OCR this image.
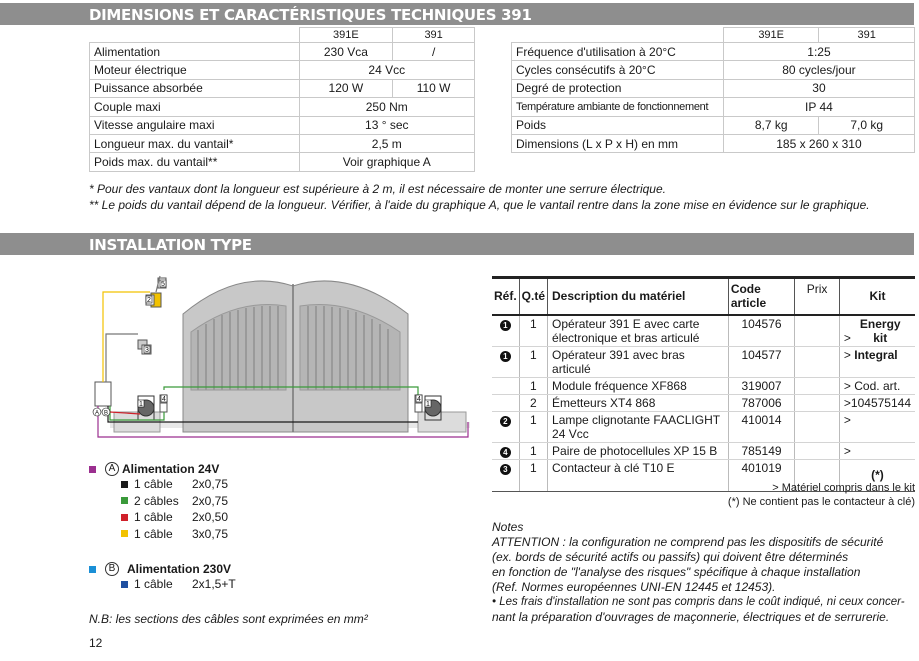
DIMENSIONS ET CARACTÉRISTIQUES TECHNIQUES 391
	391E	391
Alimentation	230 Vca	/
Moteur électrique	24 Vcc	
Puissance absorbée	120 W	110 W
Couple maxi	250 Nm	
Vitesse angulaire maxi	13 ° sec	
Longueur max. du vantail*	2,5 m	
Poids max. du vantail**	Voir graphique A	
	391E	391
Fréquence d'utilisation à 20°C	1:25	
Cycles consécutifs à 20°C	80 cycles/jour	
Degré de protection	30	
Température ambiante de fonctionnement	IP 44	
Poids	8,7 kg	7,0 kg
Dimensions (L x P x H) en mm	185 x 260 x 310	
* Pour des vantaux dont la longueur est supérieure à 2 m, il est nécessaire de monter une serrure électrique.
** Le poids du vantail dépend de la longueur. Vérifier, à l'aide du graphique A, que le vantail rentre dans la zone mise en évidence sur le graphique.
INSTALLATION TYPE
5
2
3
1
4	4
1
A B
A Alimentation 24V
1 câble	2x0,75
2 câbles	2x0,75
1 câble	2x0,50
1 câble	3x0,75
B Alimentation 230V
1 câble	2x1,5+T
N.B: les sections des câbles sont exprimées en mm²
12
Réf.	Q.té	Description du matériel	Code article	Prix	Kit
1	1	Opérateur 391 E avec carte électronique et bras articulé	104576		> Energy kit
1	1	Opérateur 391 avec bras articulé	104577		> Integral
	1	Module fréquence XF868	319007		> Cod. art.
	2	Émetteurs XT4 868	787006		>104575144
2	1	Lampe clignotante FAACLIGHT 24 Vcc	410014		>
4	1	Paire de photocellules XP 15 B	785149		>
3	1	Contacteur à clé T10 E	401019		(*)
> Matériel compris dans le kit
(*) Ne contient pas le contacteur à clé)
Notes
ATTENTION : la configuration ne comprend pas les dispositifs de sécurité
(ex. bords de sécurité actifs ou passifs) qui doivent être déterminés
en fonction de "l'analyse des risques" spécifique à chaque installation
(Ref. Normes européennes UNI-EN 12445 et 12453).
• Les frais d'installation ne sont pas compris dans le coût indiqué, ni ceux concer-
nant la préparation d'ouvrages de maçonnerie, électriques et de serrurerie.
